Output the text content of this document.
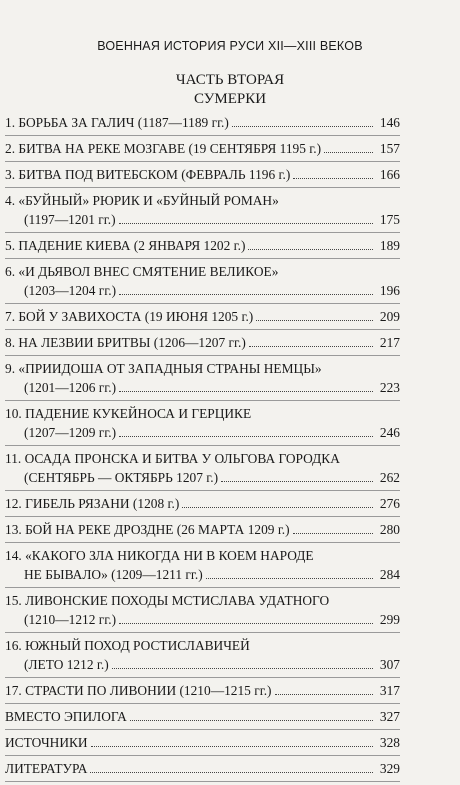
ВОЕННАЯ ИСТОРИЯ РУСИ XII—XIII ВЕКОВ
ЧАСТЬ ВТОРАЯ
СУМЕРКИ
1. БОРЬБА ЗА ГАЛИЧ (1187—1189 гг.)	146
2. БИТВА НА РЕКЕ МОЗГАВЕ (19 СЕНТЯБРЯ 1195 г.)	157
3. БИТВА ПОД ВИТЕБСКОМ (ФЕВРАЛЬ 1196 г.)	166
4. «БУЙНЫЙ» РЮРИК И «БУЙНЫЙ РОМАН»
(1197—1201 гг.)	175
5. ПАДЕНИЕ КИЕВА (2 ЯНВАРЯ 1202 г.)	189
6. «И ДЬЯВОЛ ВНЕС СМЯТЕНИЕ ВЕЛИКОЕ»
(1203—1204 гг.)	196
7. БОЙ У ЗАВИХОСТА (19 ИЮНЯ 1205 г.)	209
8. НА ЛЕЗВИИ БРИТВЫ (1206—1207 гг.)	217
9. «ПРИИДОША ОТ ЗАПАДНЫЯ СТРАНЫ НЕМЦЫ»
(1201—1206 гг.)	223
10. ПАДЕНИЕ КУКЕЙНОСА И ГЕРЦИКЕ
(1207—1209 гг.)	246
11. ОСАДА ПРОНСКА И БИТВА У ОЛЬГОВА ГОРОДКА
(СЕНТЯБРЬ — ОКТЯБРЬ 1207 г.)	262
12. ГИБЕЛЬ РЯЗАНИ (1208 г.)	276
13. БОЙ НА РЕКЕ ДРОЗДНЕ (26 МАРТА 1209 г.)	280
14. «КАКОГО ЗЛА НИКОГДА НИ В КОЕМ НАРОДЕ
НЕ БЫВАЛО» (1209—1211 гг.)	284
15. ЛИВОНСКИЕ ПОХОДЫ МСТИСЛАВА УДАТНОГО
(1210—1212 гг.)	299
16. ЮЖНЫЙ ПОХОД РОСТИСЛАВИЧЕЙ
(ЛЕТО 1212 г.)	307
17. СТРАСТИ ПО ЛИВОНИИ (1210—1215 гг.)	317
ВМЕСТО ЭПИЛОГА	327
ИСТОЧНИКИ	328
ЛИТЕРАТУРА	329
